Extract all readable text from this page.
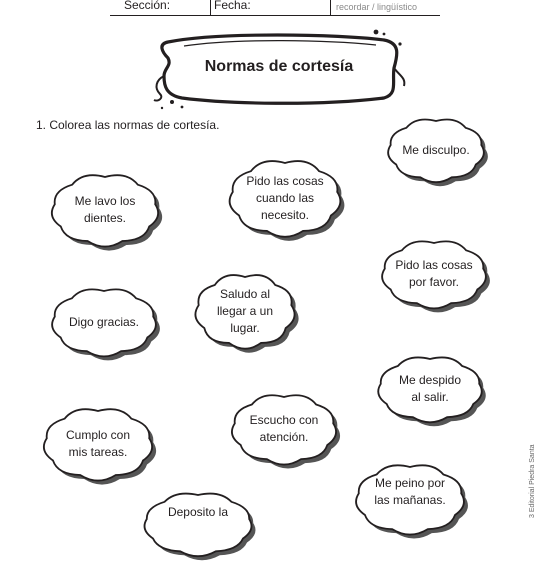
Sección:	Fecha:	recordar / lingüístico
Normas de cortesía
1. Colorea las normas de cortesía.
Me disculpo.
Pido las cosas
cuando las
necesito.
Me lavo los
dientes.
Pido las cosas
por favor.
Saludo al
llegar a un
lugar.
Digo gracias.
Me despido
al salir.
Escucho con
atención.
Cumplo con
mis tareas.
Me peino por
las mañanas.
Deposito la	3 Editorial Piedra Santa
